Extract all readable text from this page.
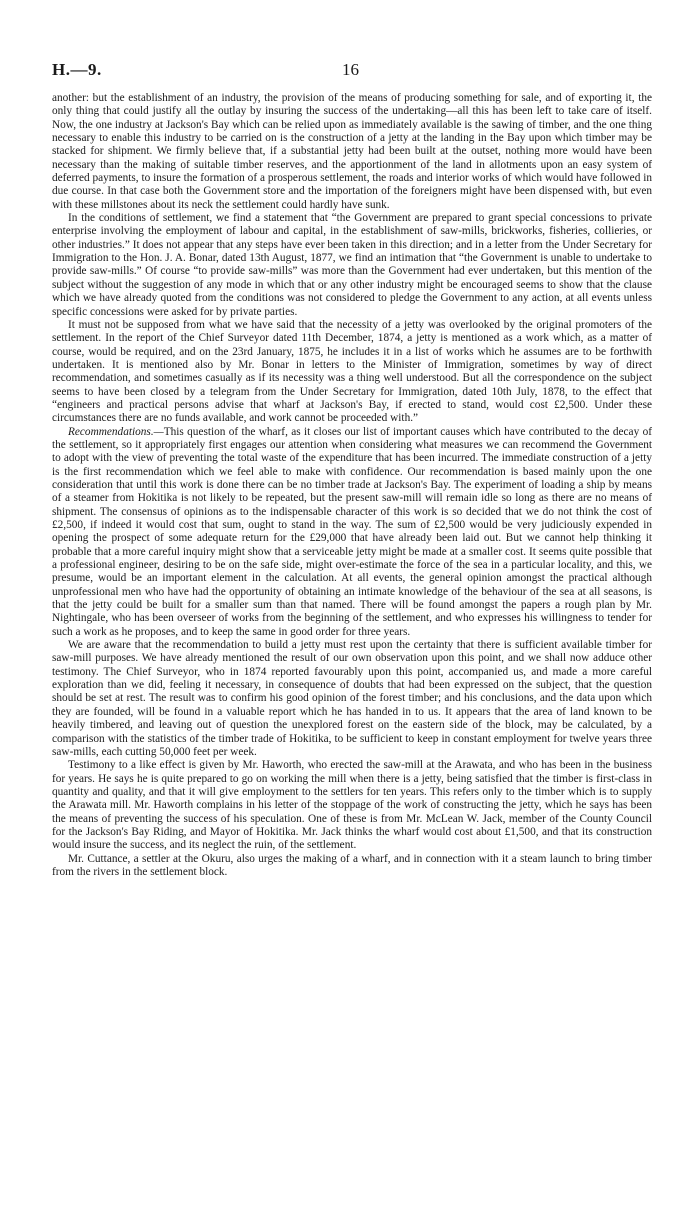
H.—9.	16

another: but the establishment of an industry, the provision of the means of producing something for sale, and of exporting it, the only thing that could justify all the outlay by insuring the success of the undertaking—all this has been left to take care of itself. Now, the one industry at Jackson's Bay which can be relied upon as immediately available is the sawing of timber, and the one thing necessary to enable this industry to be carried on is the construction of a jetty at the landing in the Bay upon which timber may be stacked for shipment. We firmly believe that, if a substantial jetty had been built at the outset, nothing more would have been necessary than the making of suitable timber reserves, and the apportionment of the land in allotments upon an easy system of deferred payments, to insure the formation of a prosperous settlement, the roads and interior works of which would have followed in due course. In that case both the Government store and the importation of the foreigners might have been dispensed with, but even with these millstones about its neck the settlement could hardly have sunk.

In the conditions of settlement, we find a statement that “the Government are prepared to grant special concessions to private enterprise involving the employment of labour and capital, in the establishment of saw-mills, brickworks, fisheries, collieries, or other industries.” It does not appear that any steps have ever been taken in this direction; and in a letter from the Under Secretary for Immigration to the Hon. J. A. Bonar, dated 13th August, 1877, we find an intimation that “the Government is unable to undertake to provide saw-mills.” Of course “to provide saw-mills” was more than the Government had ever undertaken, but this mention of the subject without the suggestion of any mode in which that or any other industry might be encouraged seems to show that the clause which we have already quoted from the conditions was not considered to pledge the Government to any action, at all events unless specific concessions were asked for by private parties.

It must not be supposed from what we have said that the necessity of a jetty was overlooked by the original promoters of the settlement. In the report of the Chief Surveyor dated 11th December, 1874, a jetty is mentioned as a work which, as a matter of course, would be required, and on the 23rd January, 1875, he includes it in a list of works which he assumes are to be forthwith undertaken. It is mentioned also by Mr. Bonar in letters to the Minister of Immigration, sometimes by way of direct recommendation, and sometimes casually as if its necessity was a thing well understood. But all the correspondence on the subject seems to have been closed by a telegram from the Under Secretary for Immigration, dated 10th July, 1878, to the effect that “engineers and practical persons advise that wharf at Jackson's Bay, if erected to stand, would cost £2,500. Under these circumstances there are no funds available, and work cannot be proceeded with.”

Recommendations.—This question of the wharf, as it closes our list of important causes which have contributed to the decay of the settlement, so it appropriately first engages our attention when considering what measures we can recommend the Government to adopt with the view of preventing the total waste of the expenditure that has been incurred. The immediate construction of a jetty is the first recommendation which we feel able to make with confidence. Our recommendation is based mainly upon the one consideration that until this work is done there can be no timber trade at Jackson's Bay. The experiment of loading a ship by means of a steamer from Hokitika is not likely to be repeated, but the present saw-mill will remain idle so long as there are no means of shipment. The consensus of opinions as to the indispensable character of this work is so decided that we do not think the cost of £2,500, if indeed it would cost that sum, ought to stand in the way. The sum of £2,500 would be very judiciously expended in opening the prospect of some adequate return for the £29,000 that have already been laid out. But we cannot help thinking it probable that a more careful inquiry might show that a serviceable jetty might be made at a smaller cost. It seems quite possible that a professional engineer, desiring to be on the safe side, might over-estimate the force of the sea in a particular locality, and this, we presume, would be an important element in the calculation. At all events, the general opinion amongst the practical although unprofessional men who have had the opportunity of obtaining an intimate knowledge of the behaviour of the sea at all seasons, is that the jetty could be built for a smaller sum than that named. There will be found amongst the papers a rough plan by Mr. Nightingale, who has been overseer of works from the beginning of the settlement, and who expresses his willingness to tender for such a work as he proposes, and to keep the same in good order for three years.

We are aware that the recommendation to build a jetty must rest upon the certainty that there is sufficient available timber for saw-mill purposes. We have already mentioned the result of our own observation upon this point, and we shall now adduce other testimony. The Chief Surveyor, who in 1874 reported favourably upon this point, accompanied us, and made a more careful exploration than we did, feeling it necessary, in consequence of doubts that had been expressed on the subject, that the question should be set at rest. The result was to confirm his good opinion of the forest timber; and his conclusions, and the data upon which they are founded, will be found in a valuable report which he has handed in to us. It appears that the area of land known to be heavily timbered, and leaving out of question the unexplored forest on the eastern side of the block, may be calculated, by a comparison with the statistics of the timber trade of Hokitika, to be sufficient to keep in constant employment for twelve years three saw-mills, each cutting 50,000 feet per week.

Testimony to a like effect is given by Mr. Haworth, who erected the saw-mill at the Arawata, and who has been in the business for years. He says he is quite prepared to go on working the mill when there is a jetty, being satisfied that the timber is first-class in quantity and quality, and that it will give employment to the settlers for ten years. This refers only to the timber which is to supply the Arawata mill. Mr. Haworth complains in his letter of the stoppage of the work of constructing the jetty, which he says has been the means of preventing the success of his speculation. One of these is from Mr. McLean W. Jack, member of the County Council for the Jackson's Bay Riding, and Mayor of Hokitika. Mr. Jack thinks the wharf would cost about £1,500, and that its construction would insure the success, and its neglect the ruin, of the settlement.

Mr. Cuttance, a settler at the Okuru, also urges the making of a wharf, and in connection with it a steam launch to bring timber from the rivers in the settlement block.
